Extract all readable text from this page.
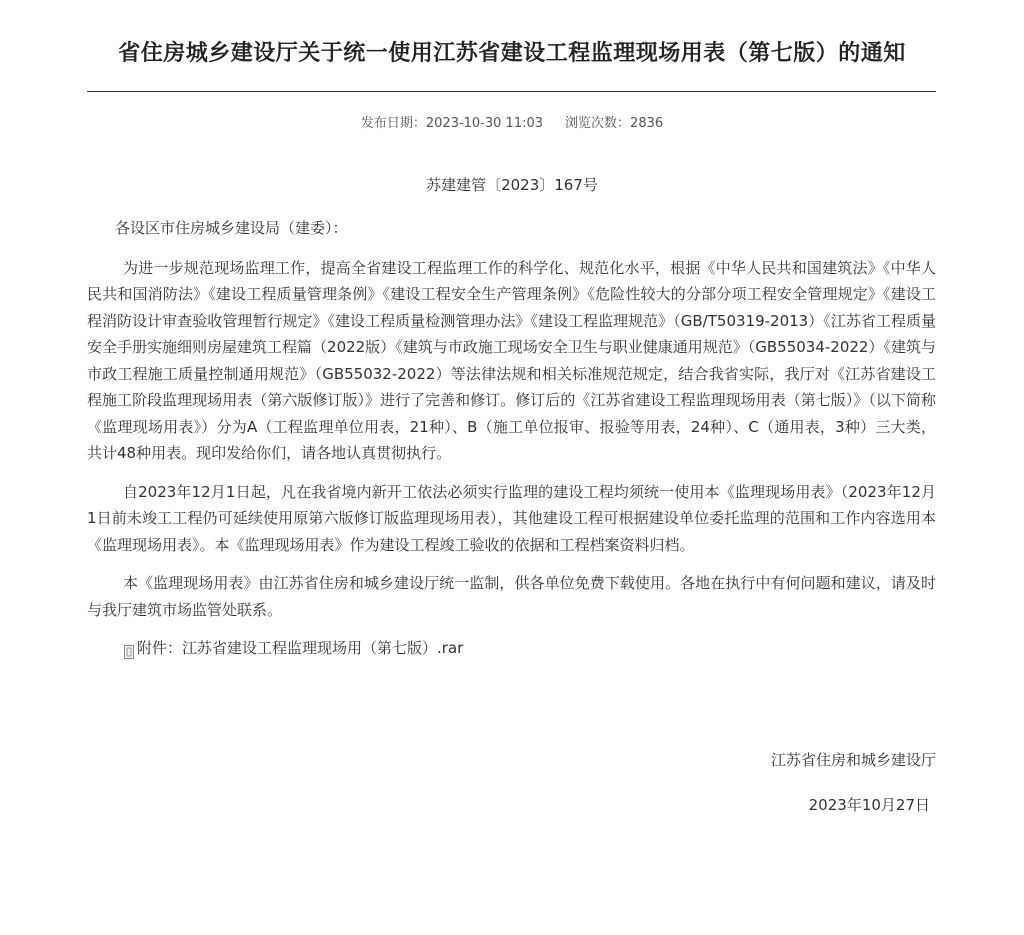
省住房城乡建设厅关于统一使用江苏省建设工程监理现场用表（第七版）的通知
发布日期：2023-10-30 11:03 浏览次数：2836
苏建建管〔2023〕167号

各设区市住房城乡建设局（建委）：

为进一步规范现场监理工作，提高全省建设工程监理工作的科学化、规范化水平，根据《中华人民共和国建筑法》《中华人民共和国消防法》《建设工程质量管理条例》《建设工程安全生产管理条例》《危险性较大的分部分项工程安全管理规定》《建设工程消防设计审查验收管理暂行规定》《建设工程质量检测管理办法》《建设工程监理规范》（GB/T50319-2013）《江苏省工程质量安全手册实施细则房屋建筑工程篇（2022版）《建筑与市政施工现场安全卫生与职业健康通用规范》（GB55034-2022）《建筑与市政工程施工质量控制通用规范》（GB55032-2022）等法律法规和相关标准规范规定，结合我省实际，我厅对《江苏省建设工程施工阶段监理现场用表（第六版修订版）》进行了完善和修订。修订后的《江苏省建设工程监理现场用表（第七版）》（以下简称《监理现场用表》）分为A（工程监理单位用表，21种）、B（施工单位报审、报验等用表，24种）、C（通用表，3种）三大类，共计48种用表。现印发给你们，请各地认真贯彻执行。

自2023年12月1日起，凡在我省境内新开工依法必须实行监理的建设工程均须统一使用本《监理现场用表》（2023年12月1日前未竣工工程仍可延续使用原第六版修订版监理现场用表），其他建设工程可根据建设单位委托监理的范围和工作内容选用本《监理现场用表》。本《监理现场用表》作为建设工程竣工验收的依据和工程档案资料归档。

本《监理现场用表》由江苏省住房和城乡建设厅统一监制，供各单位免费下载使用。各地在执行中有何问题和建议，请及时与我厅建筑市场监管处联系。

附件： 江苏省建设工程监理现场用（第七版）.rar
江苏省住房和城乡建设厅
2023年10月27日
